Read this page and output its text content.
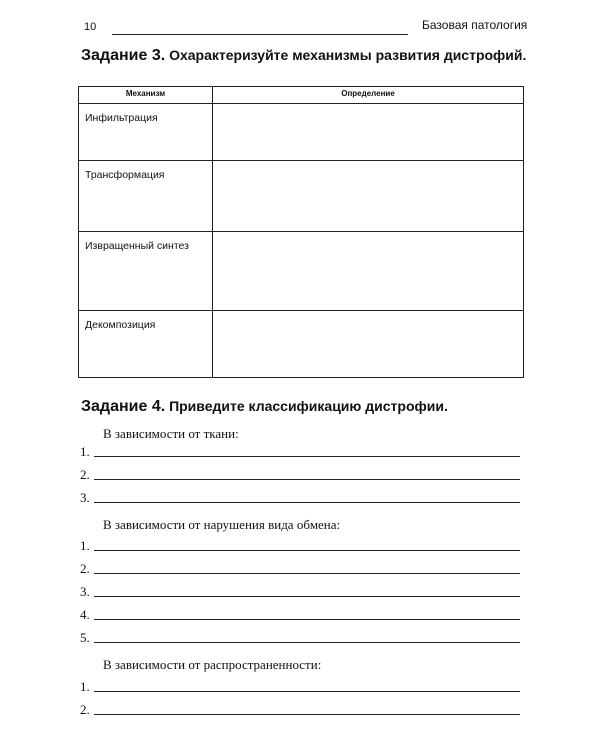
10	Базовая патология
Задание 3. Охарактеризуйте механизмы развития дистрофий.
Механизм	Определение
Инфильтрация	
Трансформация	
Извращенный синтез	
Декомпозиция	
Задание 4. Приведите классификацию дистрофии.
В зависимости от ткани:
1.
2.
3.
В зависимости от нарушения вида обмена:
1.
2.
3.
4.
5.
В зависимости от распространенности:
1.
2.
